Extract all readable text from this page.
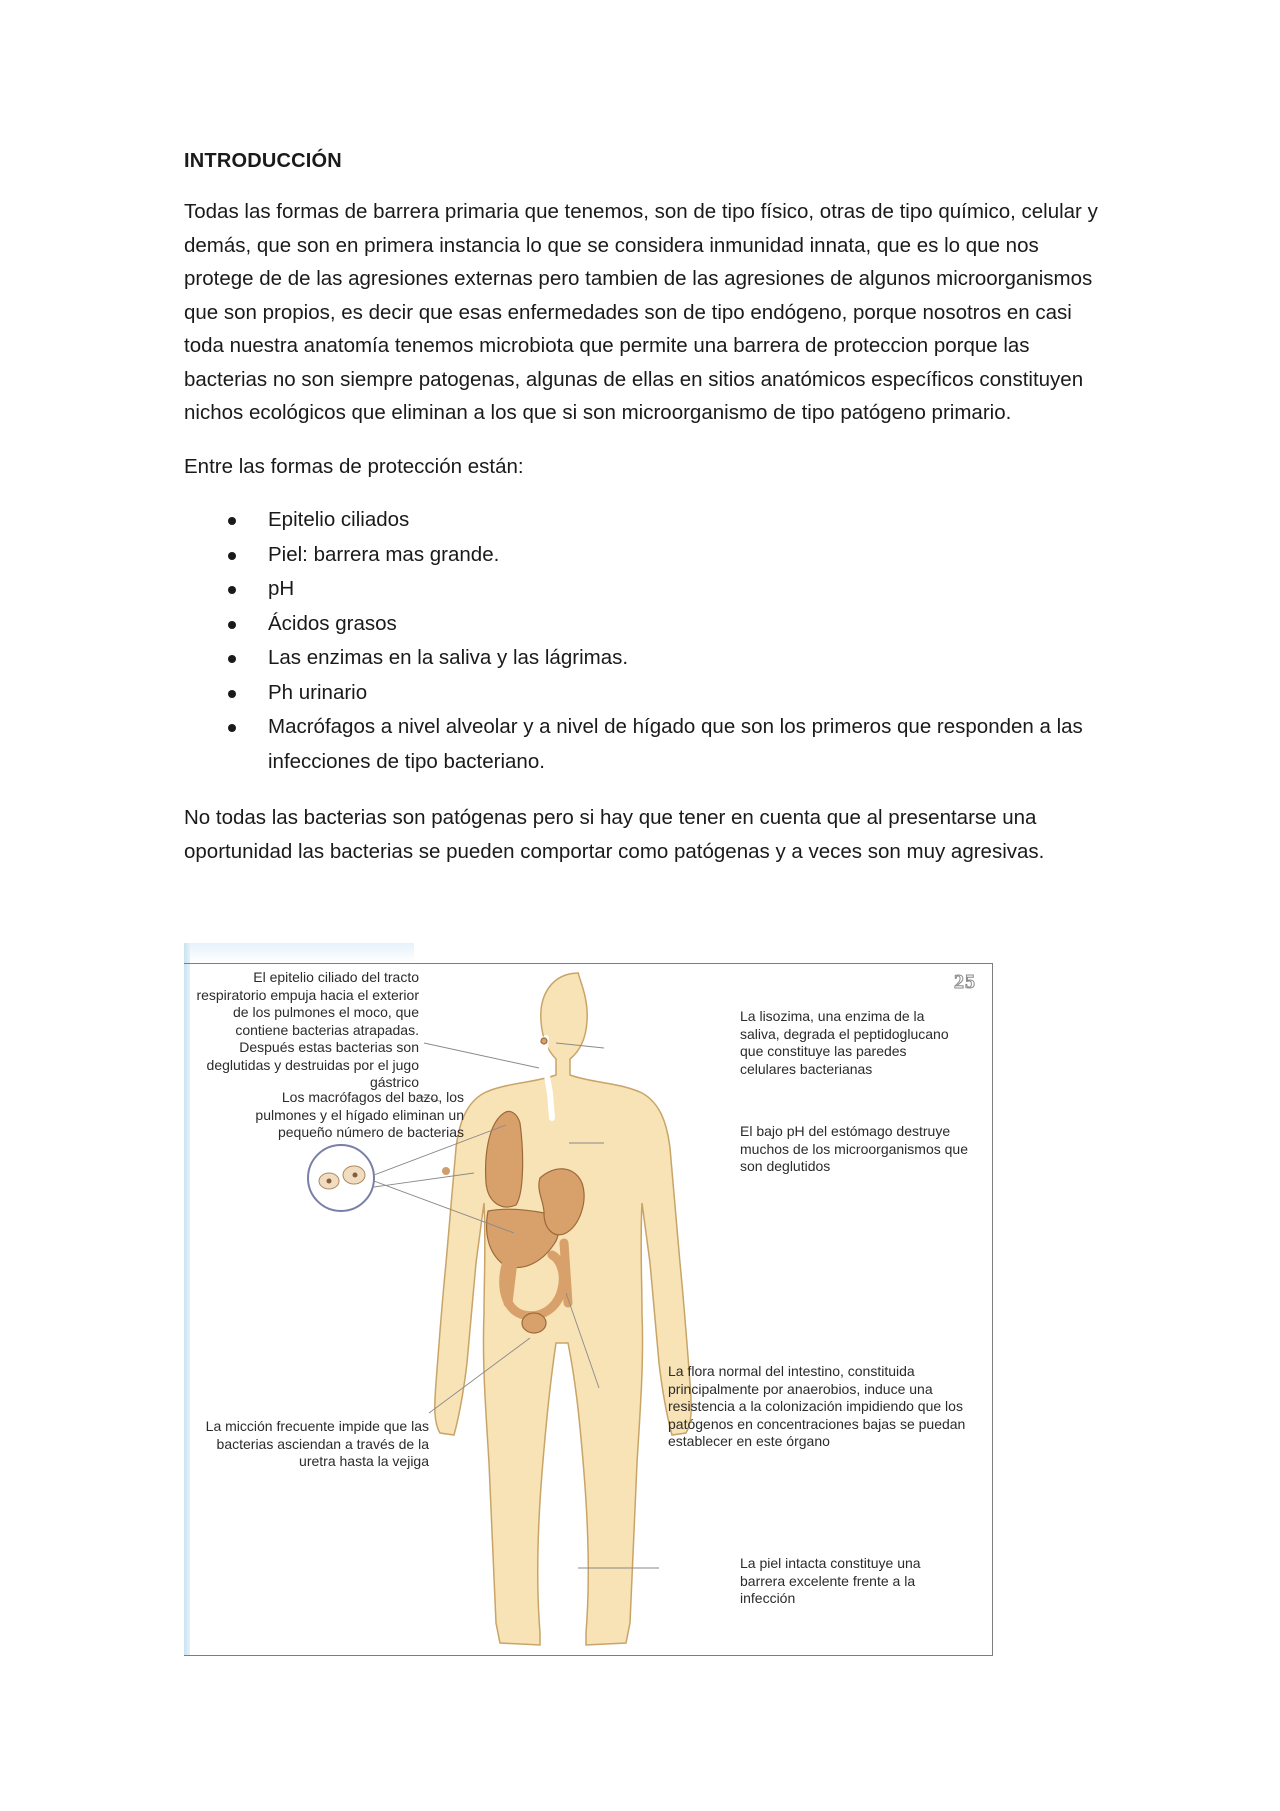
INTRODUCCIÓN

Todas las formas de barrera primaria que tenemos, son de tipo físico, otras de tipo químico, celular y demás, que son en primera instancia lo que se considera inmunidad innata, que es lo que nos protege de de las agresiones externas pero tambien de las agresiones de algunos microorganismos que son propios, es decir que esas enfermedades son de tipo endógeno, porque nosotros en casi toda nuestra anatomía tenemos microbiota que permite una barrera de proteccion porque las bacterias no son siempre patogenas, algunas de ellas en sitios anatómicos específicos constituyen nichos ecológicos que eliminan a los que si son microorganismo de tipo patógeno primario.

Entre las formas de protección están:

Epitelio ciliados
Piel: barrera mas grande.
pH
Ácidos grasos
Las enzimas en la saliva y las lágrimas.
Ph urinario
Macrófagos a nivel alveolar y a nivel de hígado que son los primeros que responden a las infecciones de tipo bacteriano.

No todas las bacterias son patógenas pero si hay que tener en cuenta que al presentarse una oportunidad las bacterias se pueden comportar como patógenas y a veces son muy agresivas.

25
El epitelio ciliado del tracto respiratorio empuja hacia el exterior de los pulmones el moco, que contiene bacterias atrapadas. Después estas bacterias son deglutidas y destruidas por el jugo gástrico
Los macrófagos del bazo, los pulmones y el hígado eliminan un pequeño número de bacterias
La lisozima, una enzima de la saliva, degrada el peptidoglucano que constituye las paredes celulares bacterianas
El bajo pH del estómago destruye muchos de los microorganismos que son deglutidos
La flora normal del intestino, constituida principalmente por anaerobios, induce una resistencia a la colonización impidiendo que los patógenos en concentraciones bajas se puedan establecer en este órgano
La micción frecuente impide que las bacterias asciendan a través de la uretra hasta la vejiga
La piel intacta constituye una barrera excelente frente a la infección
